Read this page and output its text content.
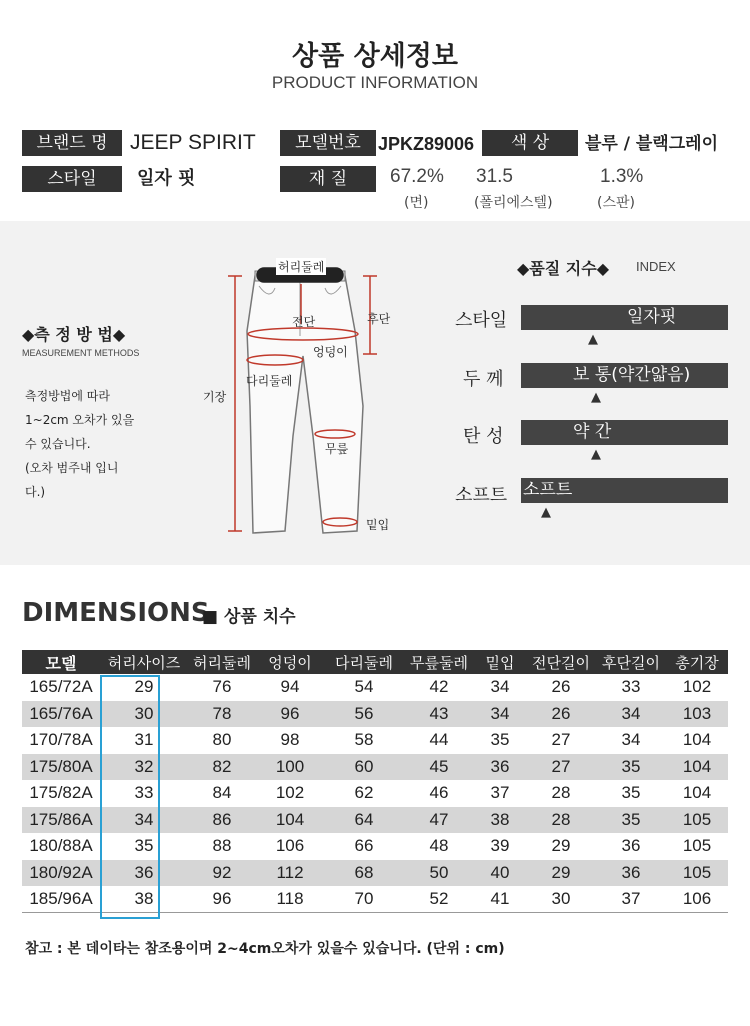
상품 상세정보
PRODUCT INFORMATION
브랜드 명	JEEP SPIRIT	모델번호 JPKZ89006	색 상	블루 / 블랙그레이
스타일	일자 핏	재 질	67.2%
(면)
31.5
(폴리에스텔)
1.3%
(스판)
◆측 정 방 법◆
MEASUREMENT METHODS
측정방법에 따라
1~2cm 오차가 있을
수 있습니다.
(오차 범주내 입니
다.)
허리둘레
전단	후단
엉덩이
다리둘레
기장
무릎
밑입
◆품질 지수◆ INDEX
스타일	일자핏
▲
두 께	보 통(약간얇음)
▲
탄 성	약 간
▲
소프트 소프트
▲
DIMENSIONS
■ 상품 치수
모델	허리사이즈	허리둘레	엉덩이	다리둘레	무릎둘레	밑입	전단길이	후단길이	총기장
165/72A	29	76	94	54	42	34	26	33	102
165/76A	30	78	96	56	43	34	26	34	103
170/78A	31	80	98	58	44	35	27	34	104
175/80A	32	82	100	60	45	36	27	35	104
175/82A	33	84	102	62	46	37	28	35	104
175/86A	34	86	104	64	47	38	28	35	105
180/88A	35	88	106	66	48	39	29	36	105
180/92A	36	92	112	68	50	40	29	36	105
185/96A	38	96	118	70	52	41	30	37	106
참고 : 본 데이타는 참조용이며 2~4cm오차가 있을수 있습니다. (단위 : cm)
